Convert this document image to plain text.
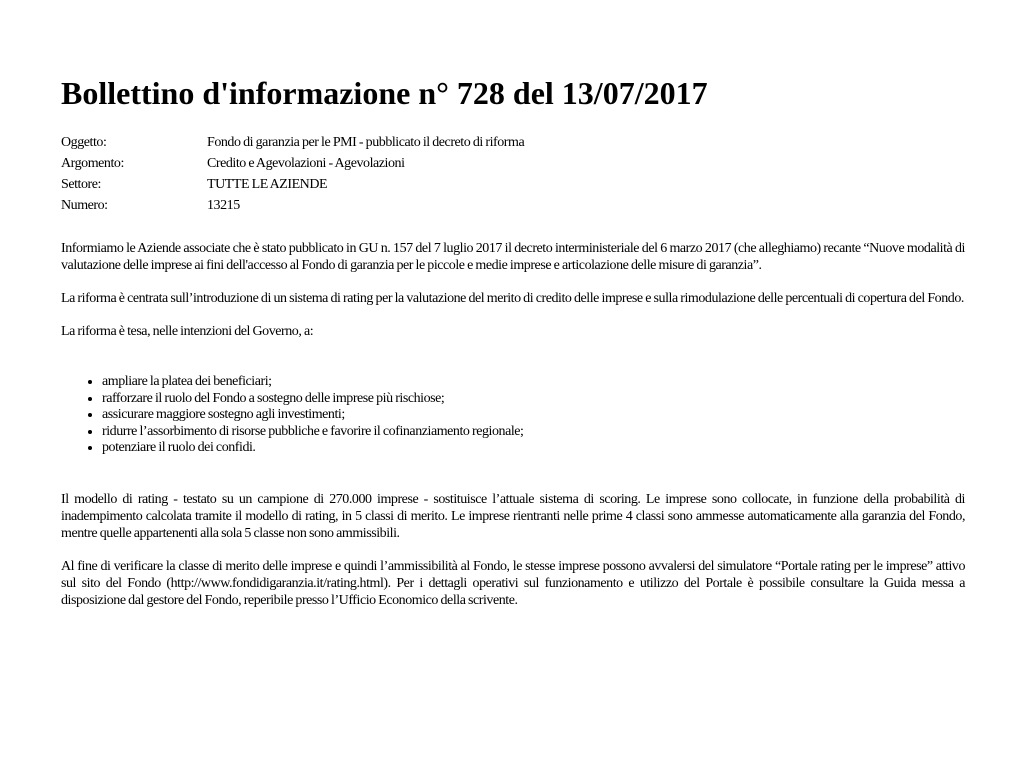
Bollettino d'informazione n° 728 del 13/07/2017
Oggetto:	Fondo di garanzia per le PMI - pubblicato il decreto di riforma
Argomento:	Credito e Agevolazioni - Agevolazioni
Settore:	TUTTE LE AZIENDE
Numero:	13215

Informiamo le Aziende associate che è stato pubblicato in GU n. 157 del 7 luglio 2017 il decreto interministeriale del 6 marzo 2017 (che alleghiamo) recante “Nuove modalità di valutazione delle imprese ai fini dell'accesso al Fondo di garanzia per le piccole e medie imprese e articolazione delle misure di garanzia”.

La riforma è centrata sull’introduzione di un sistema di rating per la valutazione del merito di credito delle imprese e sulla rimodulazione delle percentuali di copertura del Fondo.

La riforma è tesa, nelle intenzioni del Governo, a:

• ampliare la platea dei beneficiari;
• rafforzare il ruolo del Fondo a sostegno delle imprese più rischiose;
• assicurare maggiore sostegno agli investimenti;
• ridurre l’assorbimento di risorse pubbliche e favorire il cofinanziamento regionale;
• potenziare il ruolo dei confidi.

Il modello di rating - testato su un campione di 270.000 imprese - sostituisce l’attuale sistema di scoring. Le imprese sono collocate, in funzione della probabilità di inadempimento calcolata tramite il modello di rating, in 5 classi di merito. Le imprese rientranti nelle prime 4 classi sono ammesse automaticamente alla garanzia del Fondo, mentre quelle appartenenti alla sola 5 classe non sono ammissibili.

Al fine di verificare la classe di merito delle imprese e quindi l’ammissibilità al Fondo, le stesse imprese possono avvalersi del simulatore “Portale rating per le imprese” attivo sul sito del Fondo (http://www.fondidigaranzia.it/rating.html). Per i dettagli operativi sul funzionamento e utilizzo del Portale è possibile consultare la Guida messa a disposizione dal gestore del Fondo, reperibile presso l’Ufficio Economico della scrivente.
